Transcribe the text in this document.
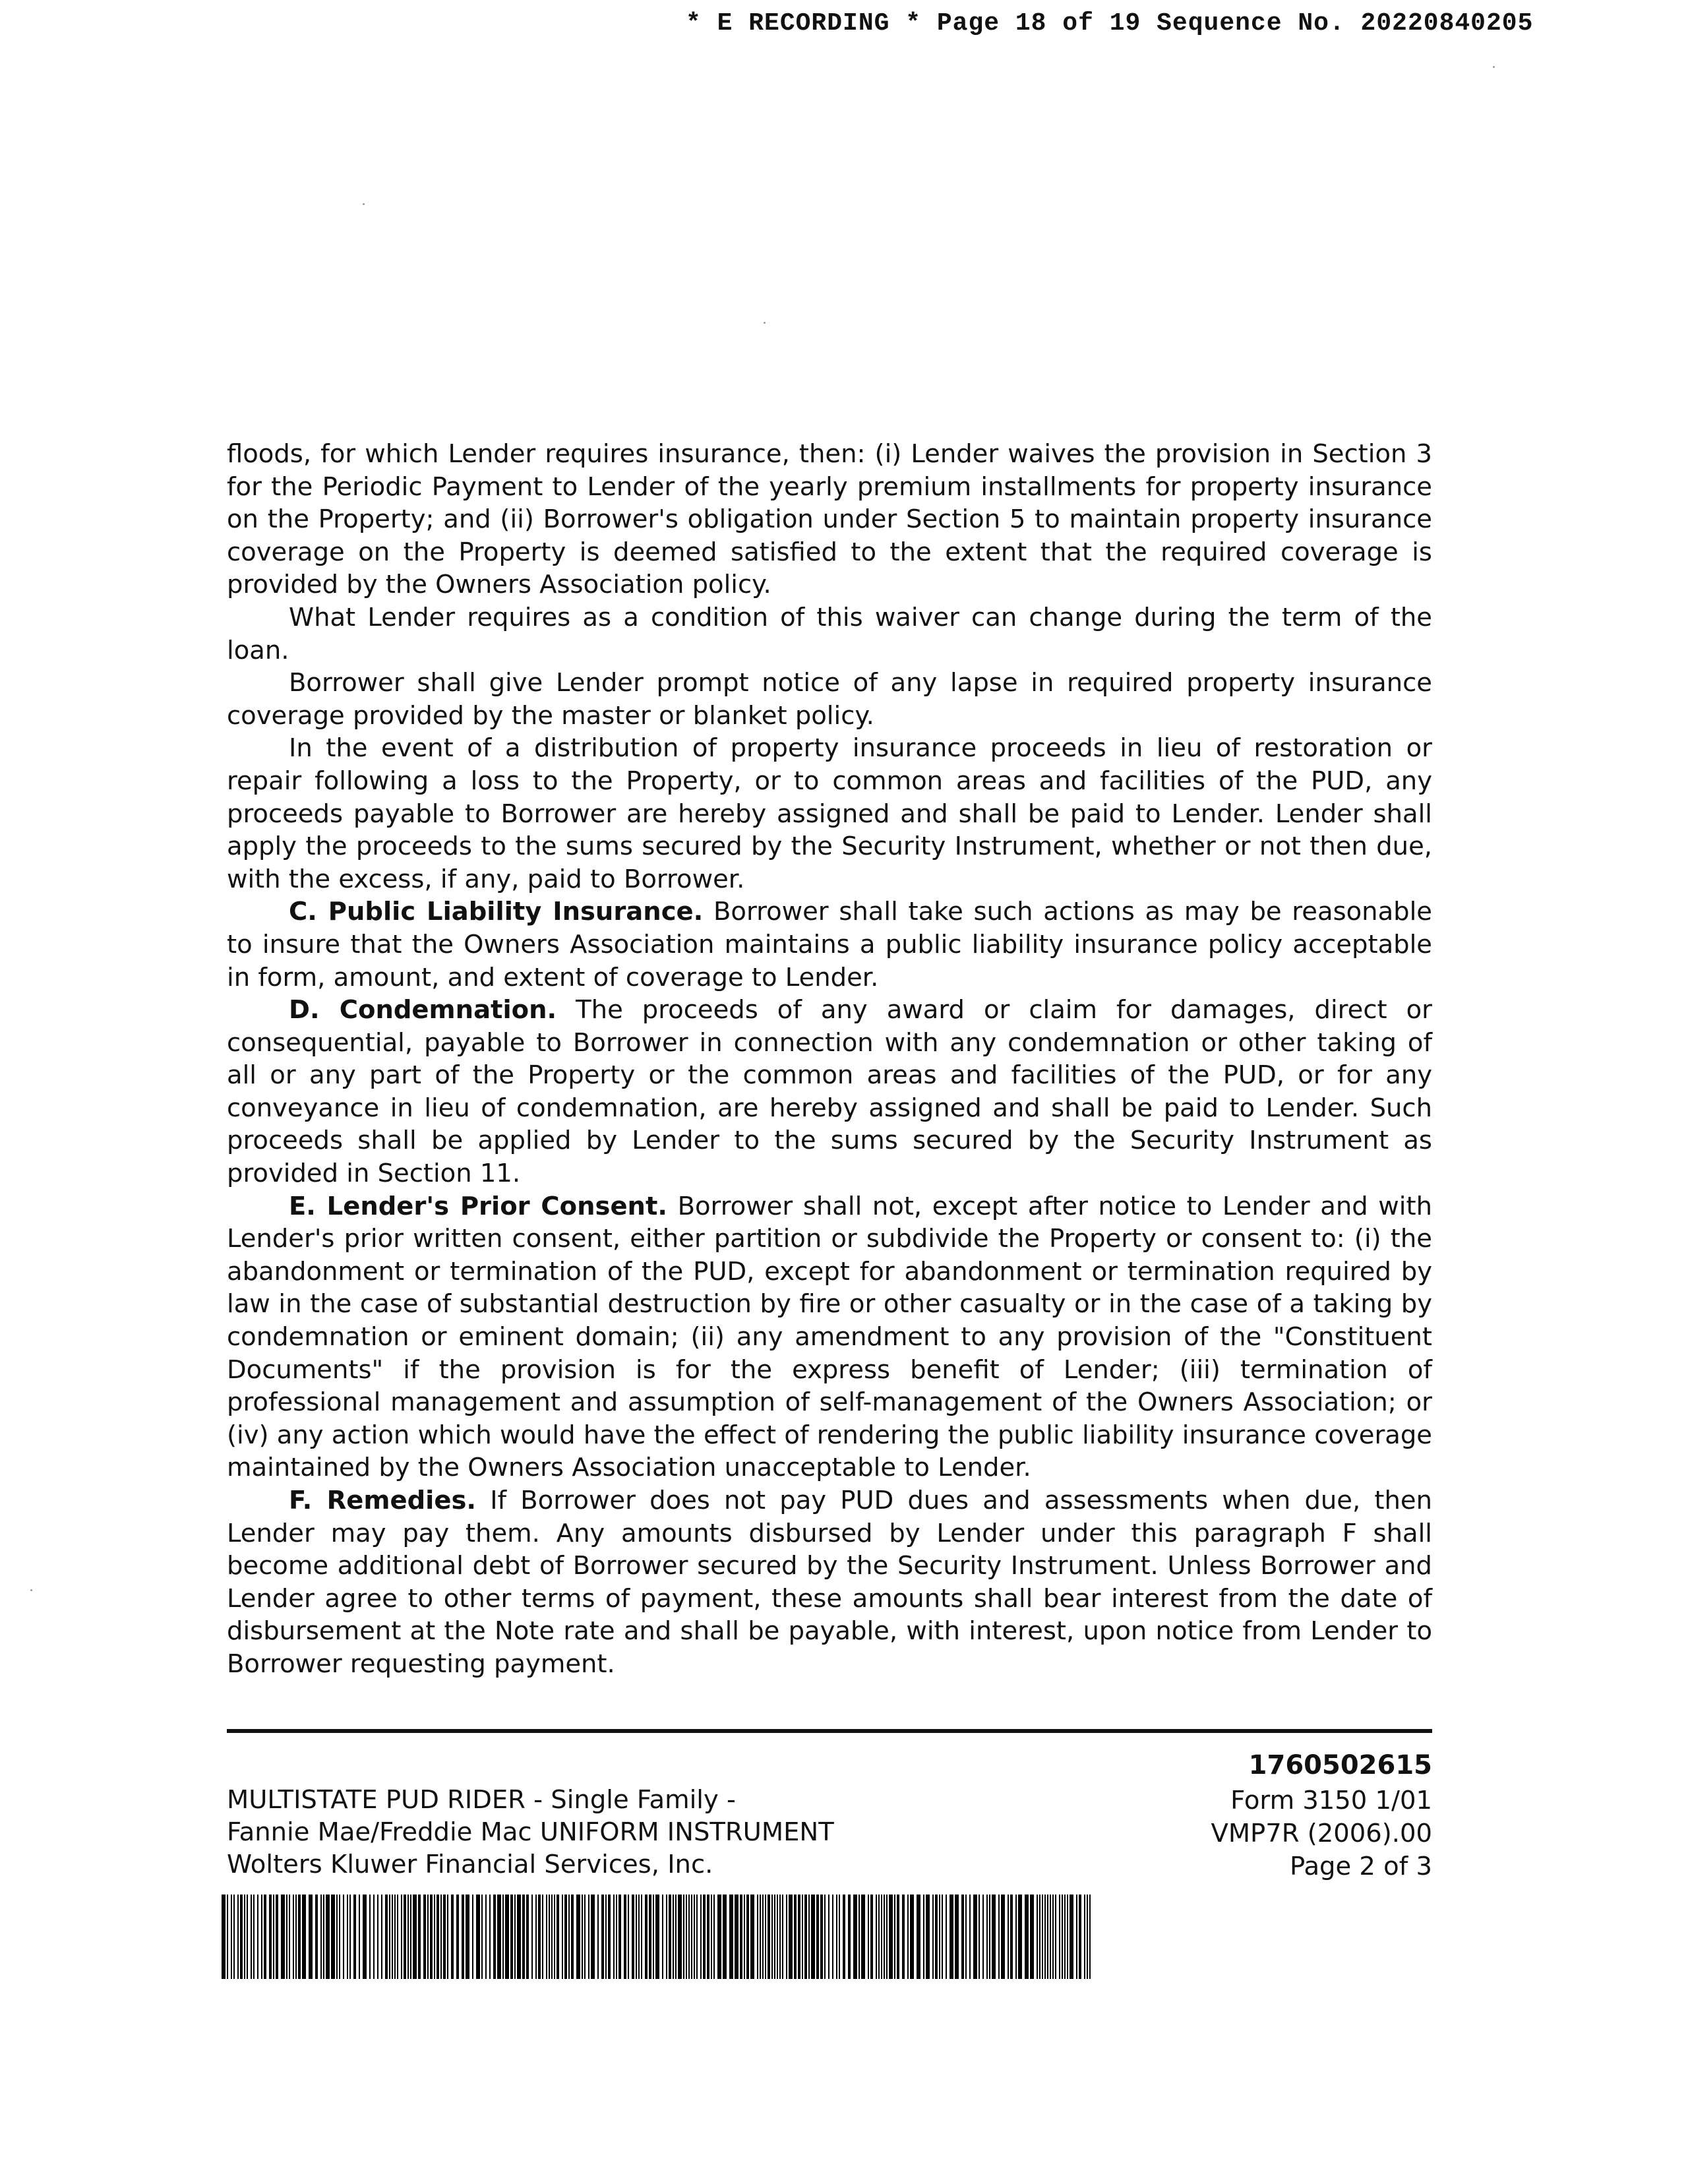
* E RECORDING * Page 18 of 19 Sequence No. 20220840205

floods, for which Lender requires insurance, then: (i) Lender waives the provision in Section 3 for the Periodic Payment to Lender of the yearly premium installments for property insurance on the Property; and (ii) Borrower's obligation under Section 5 to maintain property insurance coverage on the Property is deemed satisfied to the extent that the required coverage is provided by the Owners Association policy.

What Lender requires as a condition of this waiver can change during the term of the loan.

Borrower shall give Lender prompt notice of any lapse in required property insurance coverage provided by the master or blanket policy.

In the event of a distribution of property insurance proceeds in lieu of restoration or repair following a loss to the Property, or to common areas and facilities of the PUD, any proceeds payable to Borrower are hereby assigned and shall be paid to Lender. Lender shall apply the proceeds to the sums secured by the Security Instrument, whether or not then due, with the excess, if any, paid to Borrower.

C. Public Liability Insurance. Borrower shall take such actions as may be reasonable to insure that the Owners Association maintains a public liability insurance policy acceptable in form, amount, and extent of coverage to Lender.

D. Condemnation. The proceeds of any award or claim for damages, direct or consequential, payable to Borrower in connection with any condemnation or other taking of all or any part of the Property or the common areas and facilities of the PUD, or for any conveyance in lieu of condemnation, are hereby assigned and shall be paid to Lender. Such proceeds shall be applied by Lender to the sums secured by the Security Instrument as provided in Section 11.

E. Lender's Prior Consent. Borrower shall not, except after notice to Lender and with Lender's prior written consent, either partition or subdivide the Property or consent to: (i) the abandonment or termination of the PUD, except for abandonment or termination required by law in the case of substantial destruction by fire or other casualty or in the case of a taking by condemnation or eminent domain; (ii) any amendment to any provision of the "Constituent Documents" if the provision is for the express benefit of Lender; (iii) termination of professional management and assumption of self-management of the Owners Association; or (iv) any action which would have the effect of rendering the public liability insurance coverage maintained by the Owners Association unacceptable to Lender.

F. Remedies. If Borrower does not pay PUD dues and assessments when due, then Lender may pay them. Any amounts disbursed by Lender under this paragraph F shall become additional debt of Borrower secured by the Security Instrument. Unless Borrower and Lender agree to other terms of payment, these amounts shall bear interest from the date of disbursement at the Note rate and shall be payable, with interest, upon notice from Lender to Borrower requesting payment.

1760502615
Form 3150 1/01
VMP7R (2006).00
Page 2 of 3
MULTISTATE PUD RIDER - Single Family -
Fannie Mae/Freddie Mac UNIFORM INSTRUMENT
Wolters Kluwer Financial Services, Inc.
